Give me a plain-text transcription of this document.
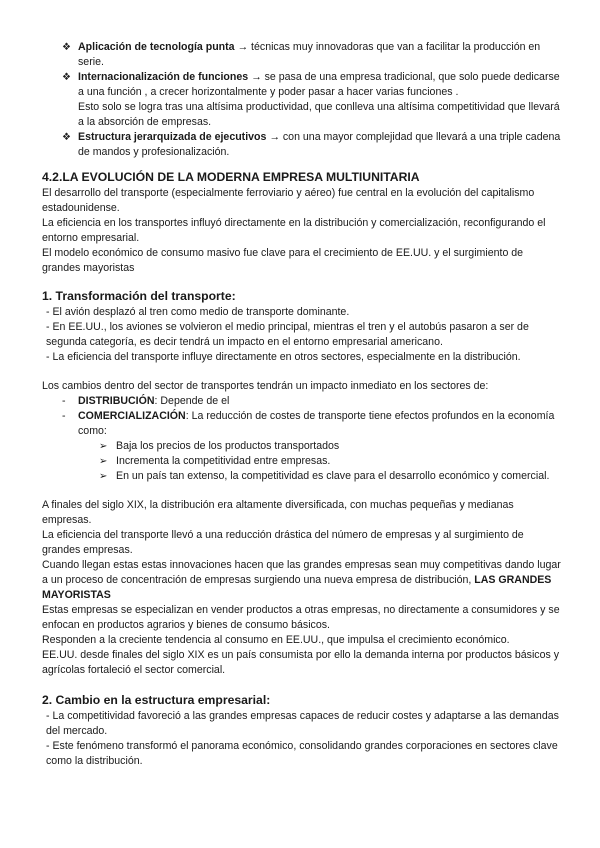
❖ Aplicación de tecnología punta → técnicas muy innovadoras que van a facilitar la producción en serie.
❖ Internacionalización de funciones → se pasa de una empresa tradicional, que solo puede dedicarse a una función , a crecer horizontalmente y poder pasar a hacer varias funciones .
Esto solo se logra tras una altísima productividad, que conlleva una altísima competitividad que llevará a la absorción de empresas.
❖ Estructura jerarquizada de ejecutivos → con una mayor complejidad que llevará a una triple cadena de mandos y profesionalización.
4.2.LA EVOLUCIÓN DE LA MODERNA EMPRESA MULTIUNITARIA

El desarrollo del transporte (especialmente ferroviario y aéreo) fue central en la evolución del capitalismo estadounidense.

La eficiencia en los transportes influyó directamente en la distribución y comercialización, reconfigurando el entorno empresarial.

El modelo económico de consumo masivo fue clave para el crecimiento de EE.UU. y el surgimiento de grandes mayoristas

1. Transformación del transporte:

- El avión desplazó al tren como medio de transporte dominante.

- En EE.UU., los aviones se volvieron el medio principal, mientras el tren y el autobús pasaron a ser de segunda categoría, es decir tendrá un impacto en el entorno empresarial americano.

- La eficiencia del transporte influye directamente en otros sectores, especialmente en la distribución.

Los cambios dentro del sector de transportes tendrán un impacto inmediato en los sectores de:

- DISTRIBUCIÓN: Depende de el
- COMERCIALIZACIÓN: La reducción de costes de transporte tiene efectos profundos en la economía como:
➢ Baja los precios de los productos transportados
➢ Incrementa la competitividad entre empresas.
➢ En un país tan extenso, la competitividad es clave para el desarrollo económico y comercial.

A finales del siglo XIX, la distribución era altamente diversificada, con muchas pequeñas y medianas empresas.

La eficiencia del transporte llevó a una reducción drástica del número de empresas y al surgimiento de grandes empresas.

Cuando llegan estas estas innovaciones hacen que las grandes empresas sean muy competitivas dando lugar a un proceso de concentración de empresas surgiendo una nueva empresa de distribución, LAS GRANDES MAYORISTAS

Estas empresas se especializan en vender productos a otras empresas, no directamente a consumidores y se enfocan en productos agrarios y bienes de consumo básicos.

Responden a la creciente tendencia al consumo en EE.UU., que impulsa el crecimiento económico.

EE.UU. desde finales del siglo XIX es un país consumista por ello la demanda interna por productos básicos y agrícolas fortaleció el sector comercial.

2. Cambio en la estructura empresarial:

- La competitividad favoreció a las grandes empresas capaces de reducir costes y adaptarse a las demandas del mercado.

- Este fenómeno transformó el panorama económico, consolidando grandes corporaciones en sectores clave como la distribución.
